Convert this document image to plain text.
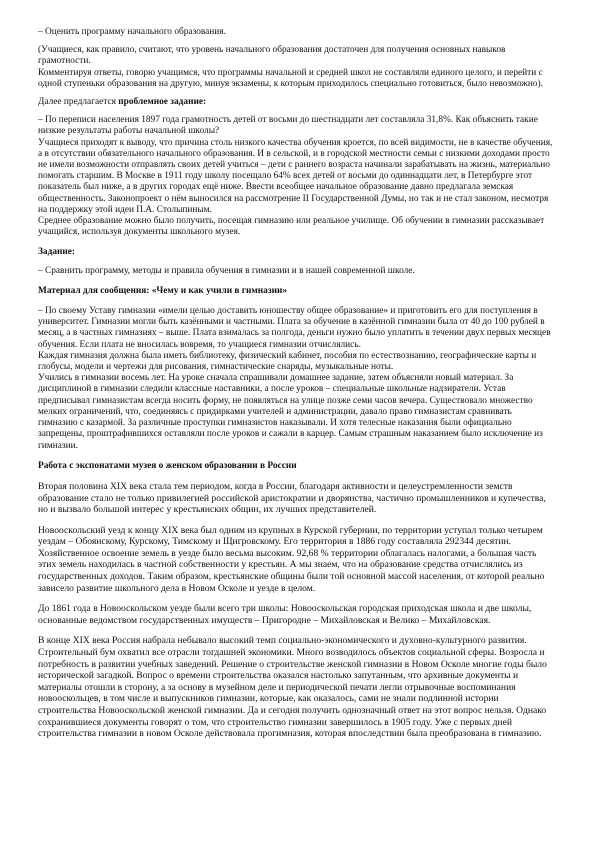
– Оценить программу начального образования.

(Учащиеся, как правило, считают, что уровень начального образования достаточен для получения основных навыков грамотности.

Комментируя ответы, говорю учащимся, что программы начальной и средней школ не составляли единого целого, и перейти с одной ступеньки образования на другую, минуя экзамены, к которым приходилось специально готовиться, было невозможно).

Далее предлагается проблемное задание:

– По переписи населения 1897 года грамотность детей от восьми до шестнадцати лет составляла 31,8%. Как объяснить такие низкие результаты работы начальной школы?

Учащиеся приходят к выводу, что причина столь низкого качества обучения кроется, по всей видимости, не в качестве обучения, а в отсутствии обязательного начального образования. И в сельской, и в городской местности семьи с низкими доходами просто не имели возможности отправлять своих детей учиться – дети с раннего возраста начинали зарабатывать на жизнь, материально помогать старшим. В Москве в 1911 году школу посещало 64% всех детей от восьми до одиннадцати лет, в Петербурге этот показатель был ниже, а в других городах ещё ниже. Ввести всеобщее начальное образование давно предлагала земская общественность. Законопроект о нём выносился на рассмотрение II Государственной Думы, но так и не стал законом, несмотря на поддержку этой идеи П.А. Столыпиным.

Среднее образование можно было получить, посещая гимназию или реальное училище. Об обучении в гимназии рассказывает учащийся, используя документы школьного музея.

Задание:

– Сравнить программу, методы и правила обучения в гимназии и в нашей современной школе.

Материал для сообщения: «Чему и как учили в гимназии»

– По своему Уставу гимназии «имели целью доставить юношеству общее образование» и приготовить его для поступления в университет. Гимназии могли быть казёнными и частными. Плата за обучение в казённой гимназии была от 40 до 100 рублей в месяц, а в частных гимназиях – выше. Плата взималась за полгода, деньги нужно было уплатить в течении двух первых месяцев обучения. Если плата не вносилась вовремя, то учащиеся гимназии отчислялись.

Каждая гимназия должна была иметь библиотеку, физический кабинет, пособия по естествознанию, географические карты и глобусы, модели и чертежи для рисования, гимнастические снаряды, музыкальные ноты.

Учились в гимназии восемь лет. На уроке сначала спрашивали домашнее задание, затем объясняли новый материал. За дисциплиной в гимназии следили классные наставники, а после уроков – специальные школьные надзиратели. Устав предписывал гимназистам всегда носить форму, не появляться на улице позже семи часов вечера. Существовало множество мелких ограничений, что, соединяясь с придирками учителей и администрации, давало право гимназистам сравнивать гимназию с казармой. За различные проступки гимназистов наказывали. И хотя телесные наказания были официально запрещены, проштрафившихся оставляли после уроков и сажали в карцер. Самым страшным наказанием было исключение из гимназии.

Работа с экспонатами музея о женском образовании в России

Вторая половина XIX века стала тем периодом, когда в России, благодаря активности и целеустремленности земств образование стало не только привилегией российской аристократии и дворянства, частично промышленников и купечества, но и вызвало большой интерес у крестьянских общин, их лучших представителей.

Новооскольский уезд к концу XIX века был одним из крупных в Курской губернии, по территории уступал только четырем уездам – Обоянскому, Курскому, Тимскому и Щигровскому. Его территория в 1886 году составляла 292344 десятин. Хозяйственное освоение земель в уезде было весьма высоким. 92,68 % территории облагалась налогами, а большая часть этих земель находилась в частной собственности у крестьян. А мы знаем, что на образование средства отчислялись из государственных доходов. Таким образом, крестьянские общины были той основной массой населения, от которой реально зависело развитие школьного дела в Новом Осколе и уезде в целом.

До 1861 года в Новооскольском уезде были всего три школы: Новооскольская городская приходская школа и две школы, основанные ведомством государственных имуществ – Пригородне – Михайловская и Велико – Михайловская.

В конце XIX века Россия набрала небывало высокий темп социально-экономического и духовно-культурного развития. Строительный бум охватил все отрасли тогдашней экономики. Много возводилось объектов социальной сферы. Возросла и потребность в развитии учебных заведений. Решение о строительстве женской гимназии в Новом Осколе многие годы было исторической загадкой. Вопрос о времени строительства оказался настолько запутанным, что архивные документы и материалы отошли в сторону, а за основу в музейном деле и периодической печати легли отрывочные воспоминания новооскольцев, в том числе и выпускников гимназии, которые, как оказалось, сами не знали подлинной истории строительства Новооскольской женской гимназии. Да и сегодня получить однозначный ответ на этот вопрос нельзя. Однако сохранившиеся документы говорят о том, что строительство гимназии завершилось в 1905 году. Уже с первых дней строительства гимназии в новом Осколе действовала прогимназия, которая впоследствии была преобразована в гимназию.
